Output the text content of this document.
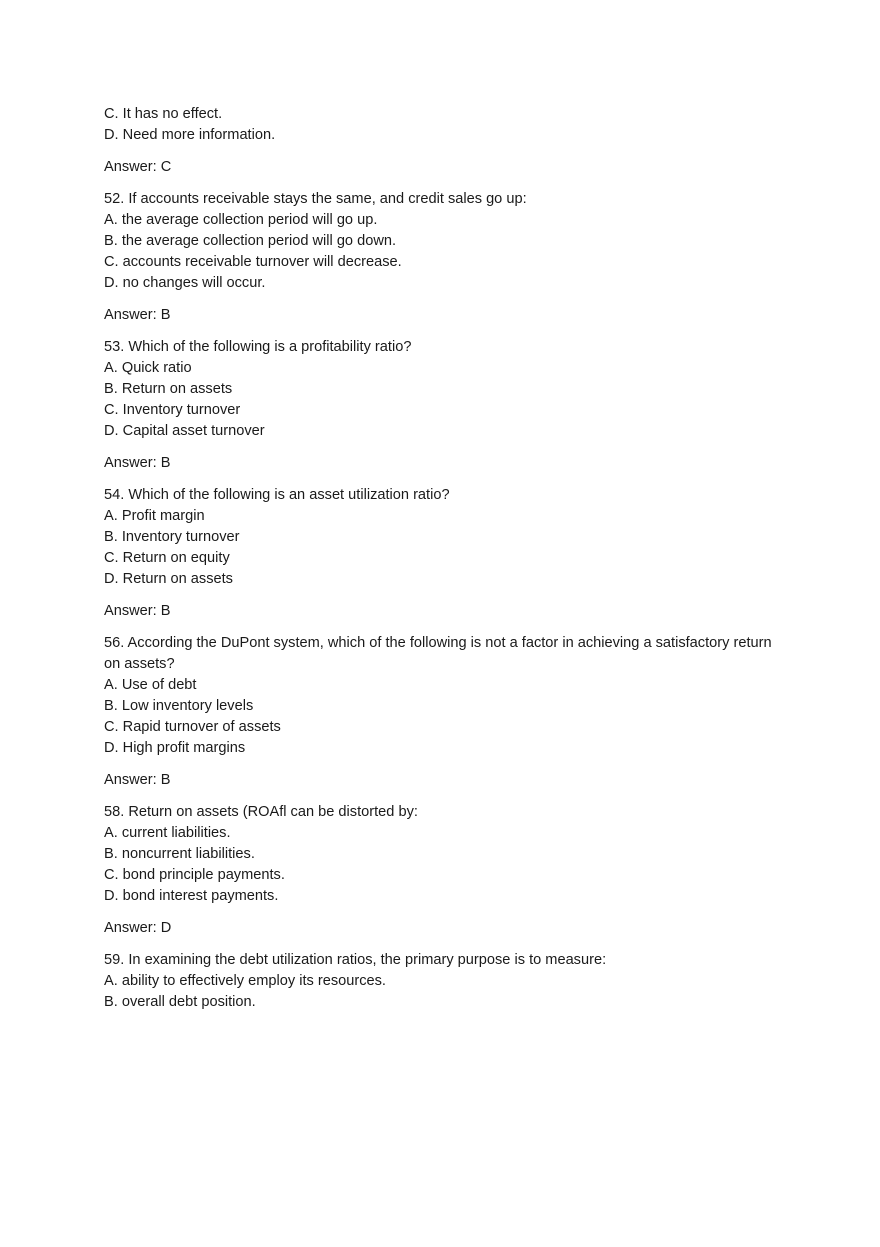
C. It has no effect.
D. Need more information.
Answer: C
52. If accounts receivable stays the same, and credit sales go up:
A. the average collection period will go up.
B. the average collection period will go down.
C. accounts receivable turnover will decrease.
D. no changes will occur.
Answer: B
53. Which of the following is a profitability ratio?
A. Quick ratio
B. Return on assets
C. Inventory turnover
D. Capital asset turnover
Answer: B
54. Which of the following is an asset utilization ratio?
A. Profit margin
B. Inventory turnover
C. Return on equity
D. Return on assets
Answer: B
56. According the DuPont system, which of the following is not a factor in achieving a satisfactory return on assets?
A. Use of debt
B. Low inventory levels
C. Rapid turnover of assets
D. High profit margins
Answer: B
58. Return on assets (ROAfl can be distorted by:
A. current liabilities.
B. noncurrent liabilities.
C. bond principle payments.
D. bond interest payments.
Answer: D
59. In examining the debt utilization ratios, the primary purpose is to measure:
A. ability to effectively employ its resources.
B. overall debt position.
